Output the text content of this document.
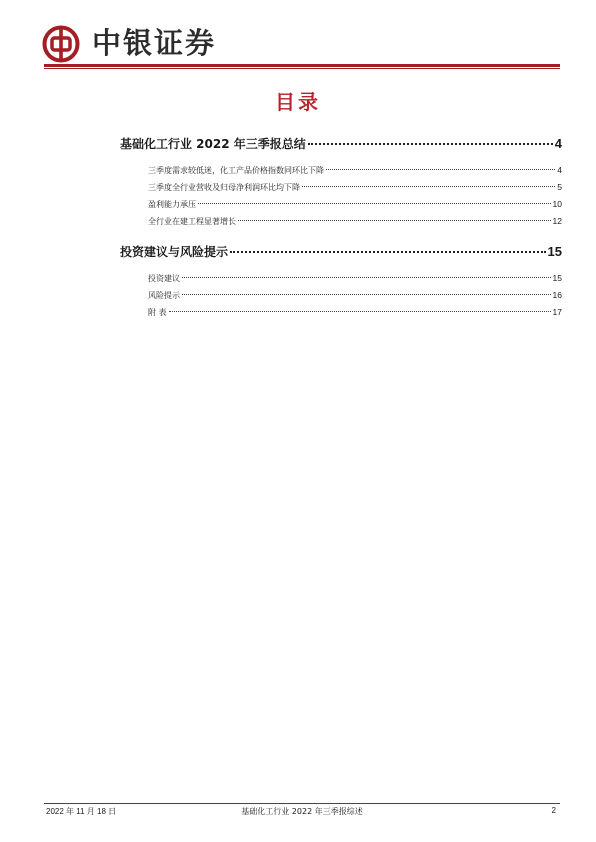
中银证券
目录
基础化工行业 2022 年三季报总结	4
三季度需求较低迷，化工产品价格指数同环比下降	4
三季度全行业营收及归母净利润环比均下降	5
盈利能力承压	10
全行业在建工程显著增长	12
投资建议与风险提示	15
投资建议	15
风险提示	16
附 表	17
2022 年 11 月 18 日	基础化工行业 2022 年三季报综述	2
